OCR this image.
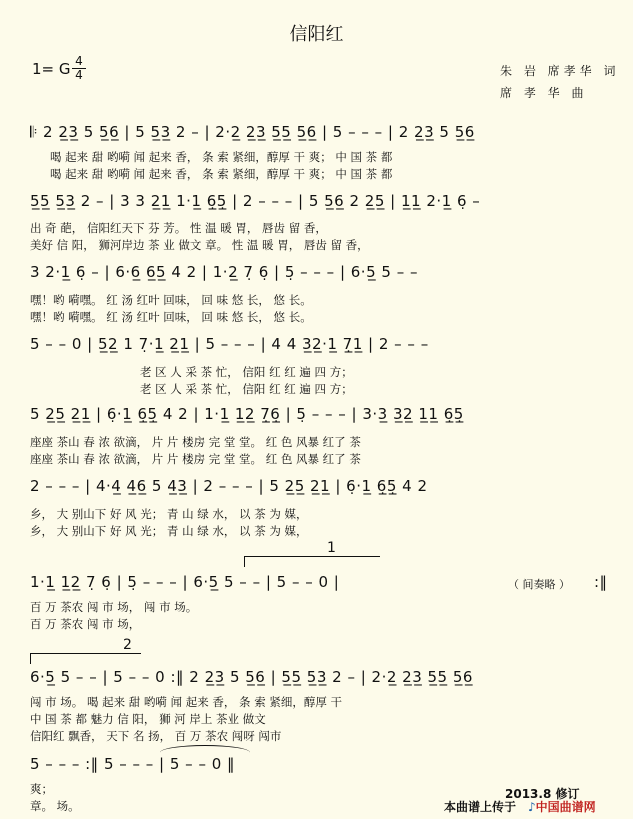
信阳红
1= G 4
4	朱 岩 席孝华 词
席 孝 华 曲
𝄆 2 2̲3̲ 5 5̲6̲ | 5 5̲3̲ 2 – | 2·2̲ 2̲3̲ 5̲5̲ 5̲6̲ | 5 – – – | 2 2̲3̲ 5 5̲6̲
喝 起来 甜 哟嗬 闻 起来 香， 条 索 紧细，醇厚 干 爽； 中 国 茶 都
喝 起来 甜 哟嗬 闻 起来 香， 条 索 紧细，醇厚 干 爽； 中 国 茶 都
5̲5̲ 5̲3̲ 2 – | 3 3 2̲1̲ 1·1̲ 6̣̲5̣̲ | 2 – – – | 5 5̲6̲ 2 2̲5̲ | 1̲1̲ 2·1̲ 6̣ –
出 奇 葩， 信阳红天下 芬 芳。 性 温 暖 胃， 唇齿 留 香，
美好 信 阳， 狮河岸边 茶 业 做文 章。 性 温 暖 胃， 唇齿 留 香，
3 2·1̲ 6̣ – | 6·6̲ 6̲5̲ 4 2 | 1·2̲ 7̣ 6̣ | 5̣ – – – | 6·5̲ 5 – –
嘿！哟 嗬嘿。 红 汤 红叶 回味， 回 味 悠 长， 悠 长。
嘿！哟 嗬嘿。 红 汤 红叶 回味， 回 味 悠 长， 悠 长。
5 – – 0 | 5̲2̲ 1 7̣·1̲ 2̲1̲ | 5 – – – | 4 4 3̲2̲·1̲ 7̣̲1̲ | 2 – – –
老 区 人 采 茶 忙， 信阳 红 红 遍 四 方；
老 区 人 采 茶 忙， 信阳 红 红 遍 四 方；
5 2̲5̲ 2̲1̲ | 6̣·1̲ 6̣̲5̣̲ 4 2 | 1·1̲ 1̲2̲ 7̣̲6̣̲ | 5̣ – – – | 3·3̲ 3̲2̲ 1̲1̲ 6̣̲5̣̲
座座 茶山 春 浓 欲滴， 片 片 楼房 完 堂 堂。 红 色 风暴 红了 茶
座座 茶山 春 浓 欲滴， 片 片 楼房 完 堂 堂。 红 色 风暴 红了 茶
2 – – – | 4·4̲ 4̲6̲ 5 4̲3̲ | 2 – – – | 5 2̲5̲ 2̲1̲ | 6̣·1̲ 6̣̲5̣̲ 4 2
乡， 大 别山下 好 风 光； 青 山 绿 水， 以 茶 为 媒，
乡， 大 别山下 好 风 光； 青 山 绿 水， 以 茶 为 媒，
1
1·1̲ 1̲2̲ 7̣ 6̣ | 5̣ – – – | 6·5̲ 5 – – | 5 – – 0 |	（ 间奏略 ） :‖
百 万 茶农 闯 市 场， 闯 市 场。
百 万 茶农 闯 市 场，
2
6·5̲ 5 – – | 5 – – 0 :‖ 2 2̲3̲ 5 5̲6̲ | 5̲5̲ 5̲3̲ 2 – | 2·2̲ 2̲3̲ 5̲5̲ 5̲6̲
闯 市 场。 喝 起来 甜 哟嗬 闻 起来 香， 条 索 紧细，醇厚 干
中 国 茶 都 魅力 信 阳， 狮 河 岸上 茶业 做文
信阳红 飘香， 天下 名 扬， 百 万 茶农 闯呀 闯市
5 – – – :‖ 5 – – – | 5 – – 0 ‖
爽；
章。 场。
2013.8 修订
本曲谱上传于 ♪中国曲谱网
